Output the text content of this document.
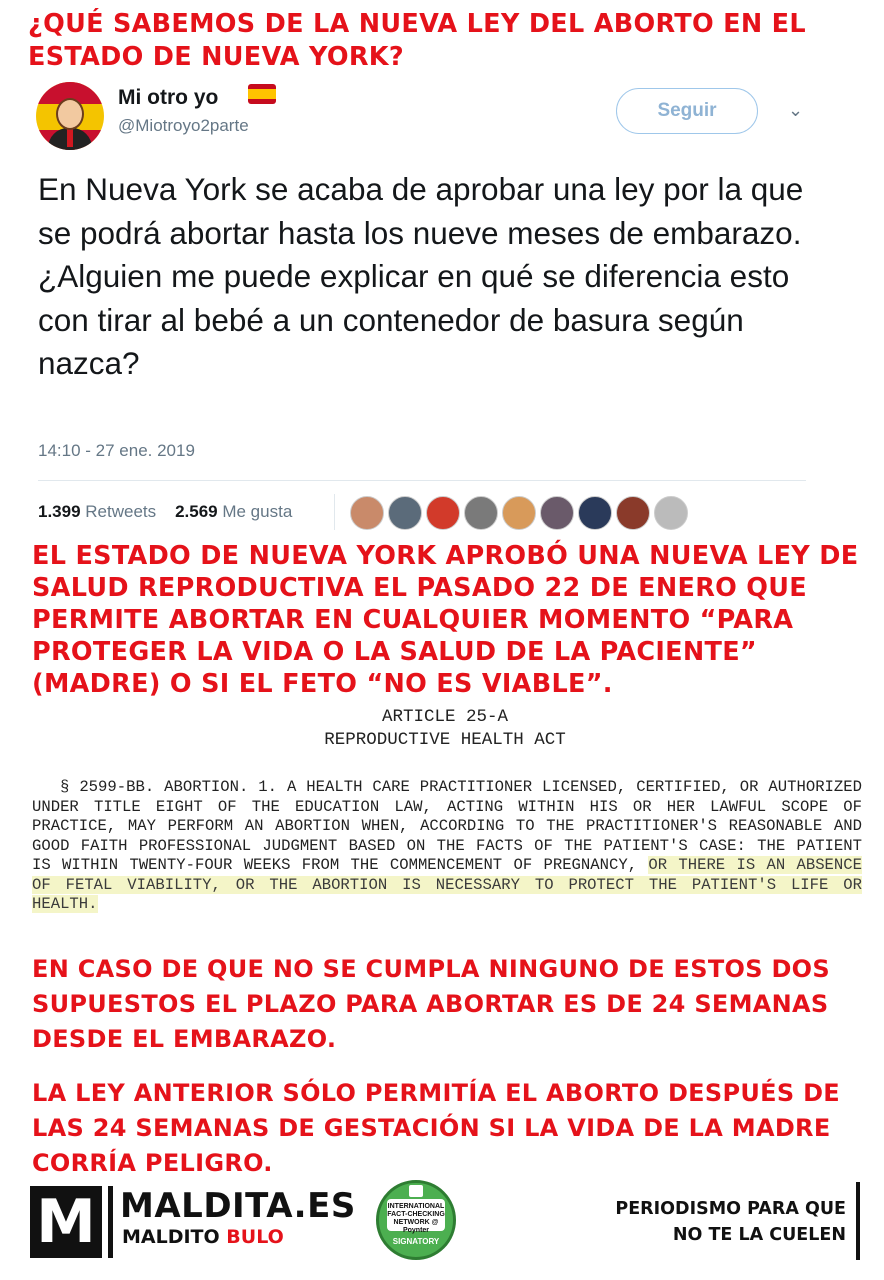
¿QUÉ SABEMOS DE LA NUEVA LEY DEL ABORTO EN EL ESTADO DE NUEVA YORK?
Mi otro yo
@Miotroyo2parte
Seguir	⌄
En Nueva York se acaba de aprobar una ley por la que se podrá abortar hasta los nueve meses de embarazo. ¿Alguien me puede explicar en qué se diferencia esto con tirar al bebé a un contenedor de basura según nazca?
14:10 - 27 ene. 2019
1.399 Retweets 2.569 Me gusta
EL ESTADO DE NUEVA YORK APROBÓ UNA NUEVA LEY DE SALUD REPRODUCTIVA EL PASADO 22 DE ENERO QUE PERMITE ABORTAR EN CUALQUIER MOMENTO “PARA PROTEGER LA VIDA O LA SALUD DE LA PACIENTE” (MADRE) O SI EL FETO “NO ES VIABLE”.
ARTICLE 25-A
REPRODUCTIVE HEALTH ACT
§ 2599-BB. ABORTION. 1. A HEALTH CARE PRACTITIONER LICENSED, CERTIFIED, OR AUTHORIZED UNDER TITLE EIGHT OF THE EDUCATION LAW, ACTING WITHIN HIS OR HER LAWFUL SCOPE OF PRACTICE, MAY PERFORM AN ABORTION WHEN, ACCORDING TO THE PRACTITIONER'S REASONABLE AND GOOD FAITH PROFESSIONAL JUDGMENT BASED ON THE FACTS OF THE PATIENT'S CASE: THE PATIENT IS WITHIN TWENTY-FOUR WEEKS FROM THE COMMENCEMENT OF PREGNANCY, OR THERE IS AN ABSENCE OF FETAL VIABILITY, OR THE ABORTION IS NECESSARY TO PROTECT THE PATIENT'S LIFE OR HEALTH.
EN CASO DE QUE NO SE CUMPLA NINGUNO DE ESTOS DOS SUPUESTOS EL PLAZO PARA ABORTAR ES DE 24 SEMANAS DESDE EL EMBARAZO.
LA LEY ANTERIOR SÓLO PERMITÍA EL ABORTO DESPUÉS DE LAS 24 SEMANAS DE GESTACIÓN SI LA VIDA DE LA MADRE CORRÍA PELIGRO.
M MALDITA.ES
MALDITO BULO
INTERNATIONAL FACT-CHECKING NETWORK @ Poynter
SIGNATORY
PERIODISMO PARA QUE
NO TE LA CUELEN
